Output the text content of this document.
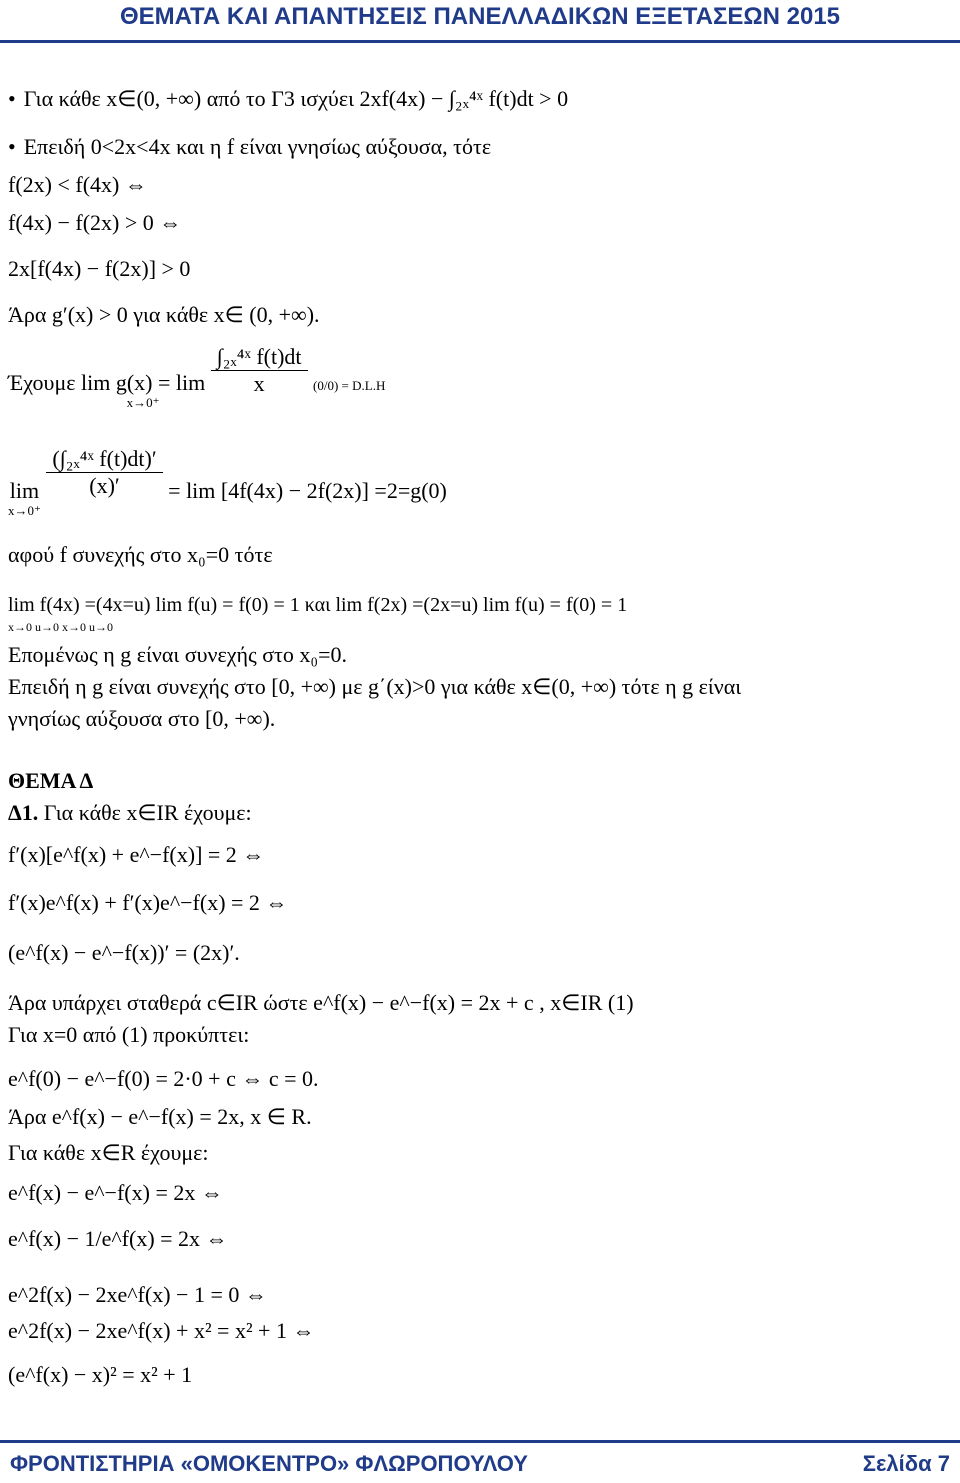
ΘΕΜΑΤΑ ΚΑΙ ΑΠΑΝΤΗΣΕΙΣ ΠΑΝΕΛΛΑΔΙΚΩΝ ΕΞΕΤΑΣΕΩΝ 2015
• Για κάθε x∈(0, +∞) από το Γ3 ισχύει 2xf(4x) − ∫₂ₓ⁴ˣ f(t)dt > 0
• Επειδή 0<2x<4x και η f είναι γνησίως αύξουσα, τότε
f(2x) < f(4x) ⇔
f(4x) − f(2x) > 0 ⇔
2x[f(4x) − f(2x)] > 0
Άρα g′(x) > 0 για κάθε x∈ (0, +∞).
Έχουμε lim g(x) = lim
x→0⁺

$\frac{\text{∫₂ₓ⁴ˣ f(t)dt}}{x} (0/0) = D.L.H$
lim
x→0⁺

$\frac{\text{(∫₂ₓ⁴ˣ f(t)dt)′}}{(x)'} = \lim [4f(4x) - 2f(2x)] =2=g(0)$
αφού f συνεχής στο x₀=0 τότε
lim f(4x) =(4x=u) lim f(u) = f(0) = 1 και lim f(2x) =(2x=u) lim f(u) = f(0) = 1
x→0 u→0 x→0 u→0
Επομένως η g είναι συνεχής στο x₀=0.
Επειδή η g είναι συνεχής στο [0, +∞) με g΄(x)>0 για κάθε x∈(0, +∞) τότε η g είναι
γνησίως αύξουσα στο [0, +∞).
ΘΕΜΑ Δ
Δ1. Για κάθε x∈IR έχουμε:
f′(x)[e^f(x) + e^−f(x)] = 2 ⇔
f′(x)e^f(x) + f′(x)e^−f(x) = 2 ⇔
(e^f(x) − e^−f(x))′ = (2x)′.
Άρα υπάρχει σταθερά c∈IR ώστε e^f(x) − e^−f(x) = 2x + c , x∈IR (1)
Για x=0 από (1) προκύπτει:
e^f(0) − e^−f(0) = 2·0 + c ⇔ c = 0.
Άρα e^f(x) − e^−f(x) = 2x, x ∈ R.
Για κάθε x∈R έχουμε:
e^f(x) − e^−f(x) = 2x ⇔
e^f(x) − 1/e^f(x) = 2x ⇔
e^2f(x) − 2xe^f(x) − 1 = 0 ⇔
e^2f(x) − 2xe^f(x) + x² = x² + 1 ⇔
(e^f(x) − x)² = x² + 1
ΦΡΟΝΤΙΣΤΗΡΙΑ «ΟΜΟΚΕΝΤΡΟ» ΦΛΩΡΟΠΟΥΛΟΥ	Σελίδα 7
